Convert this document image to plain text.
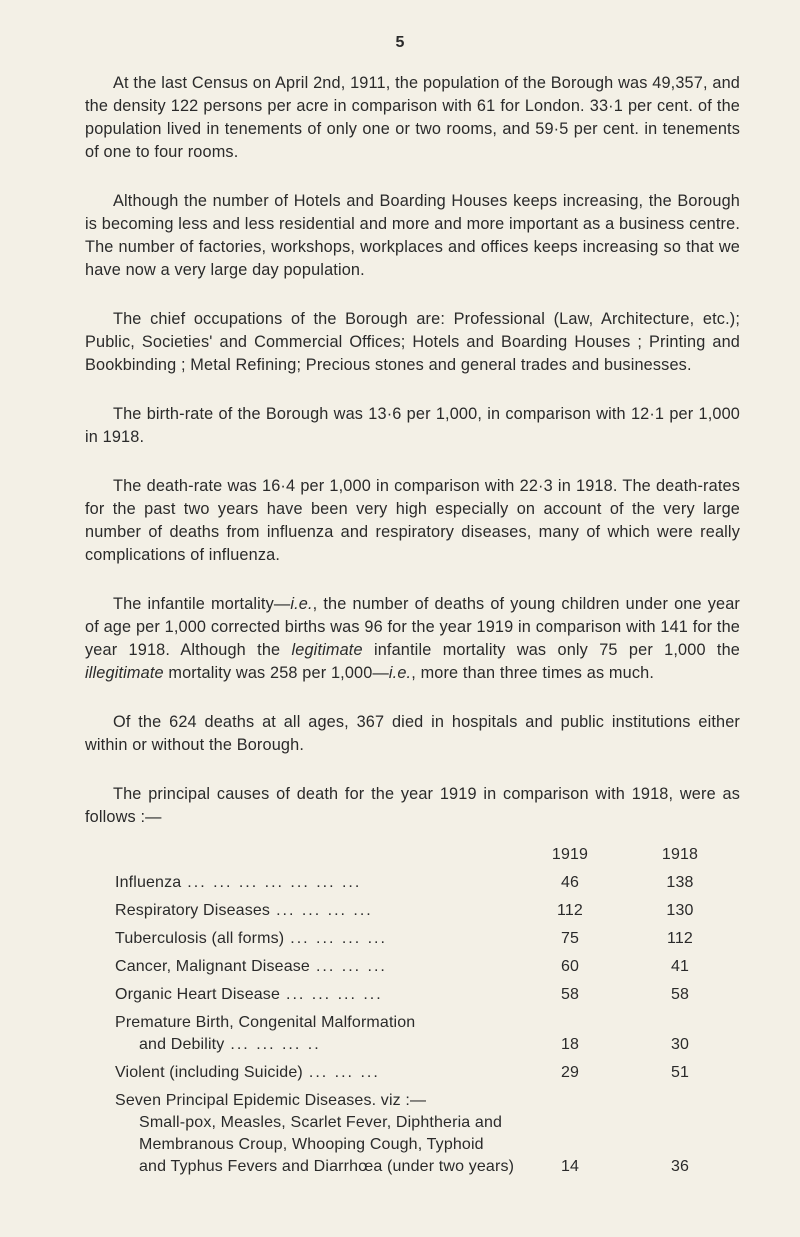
5

At the last Census on April 2nd, 1911, the population of the Borough was 49,357, and the density 122 persons per acre in comparison with 61 for London. 33·1 per cent. of the population lived in tenements of only one or two rooms, and 59·5 per cent. in tenements of one to four rooms.

Although the number of Hotels and Boarding Houses keeps increasing, the Borough is becoming less and less residential and more and more important as a business centre. The number of factories, workshops, workplaces and offices keeps increasing so that we have now a very large day population.

The chief occupations of the Borough are: Professional (Law, Architecture, etc.); Public, Societies' and Commercial Offices; Hotels and Boarding Houses ; Printing and Bookbinding ; Metal Refining; Precious stones and general trades and businesses.

The birth-rate of the Borough was 13·6 per 1,000, in comparison with 12·1 per 1,000 in 1918.

The death-rate was 16·4 per 1,000 in comparison with 22·3 in 1918. The death-rates for the past two years have been very high especially on account of the very large number of deaths from influenza and respiratory diseases, many of which were really complications of influenza.

The infantile mortality—i.e., the number of deaths of young children under one year of age per 1,000 corrected births was 96 for the year 1919 in comparison with 141 for the year 1918. Although the legitimate infantile mortality was only 75 per 1,000 the illegitimate mortality was 258 per 1,000—i.e., more than three times as much.

Of the 624 deaths at all ages, 367 died in hospitals and public institutions either within or without the Borough.

The principal causes of death for the year 1919 in comparison with 1918, were as follows :—

	1919	1918
Influenza ... ... ... ... ... ... ...	46	138
Respiratory Diseases ... ... ... ...	112	130
Tuberculosis (all forms) ... ... ... ...	75	112
Cancer, Malignant Disease ... ... ...	60	41
Organic Heart Disease ... ... ... ...	58	58
Premature Birth, Congenital Malformation
and Debility ... ... ... ..	18	30
Violent (including Suicide) ... ... ...	29	51
Seven Principal Epidemic Diseases. viz :—
Small-pox, Measles, Scarlet Fever, Diphtheria and Membranous Croup, Whooping Cough, Typhoid and Typhus Fevers and Diarrhœa (under two years)	14	36
